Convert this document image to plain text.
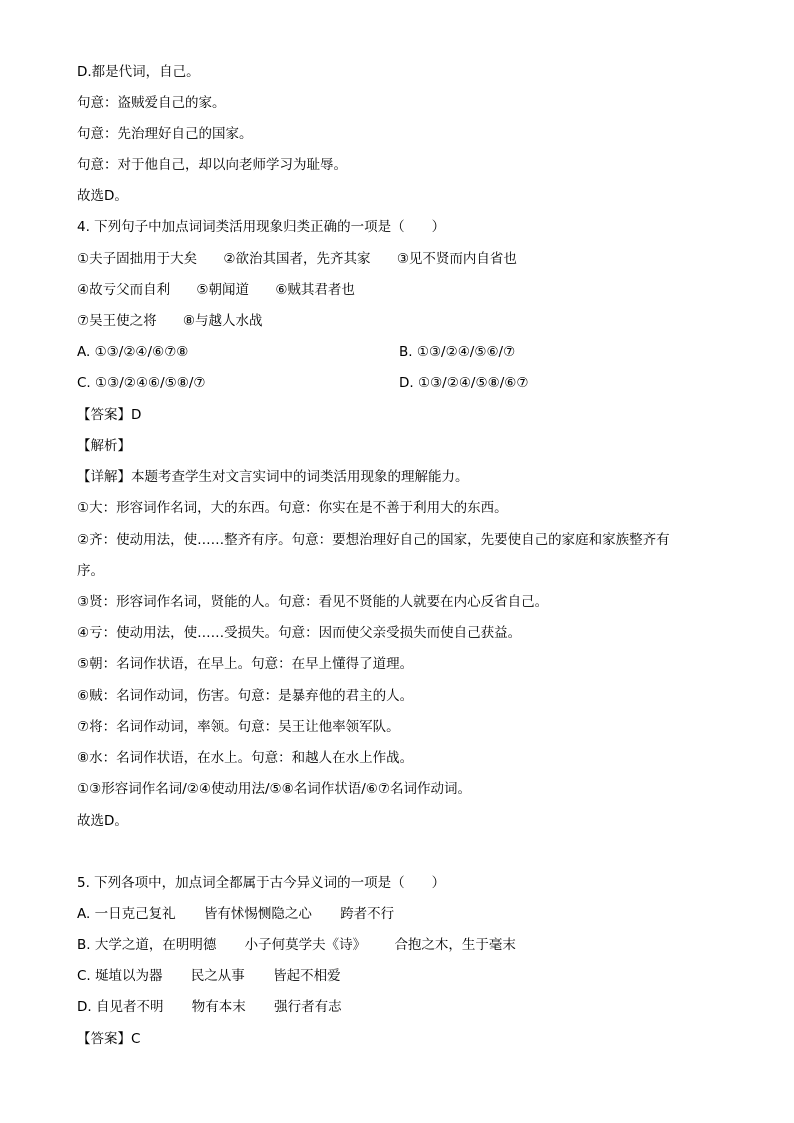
D.都是代词，自己。
句意：盗贼爱自己的家。
句意：先治理好自己的国家。
句意：对于他自己，却以向老师学习为耻辱。
故选D。
4. 下列句子中加点词词类活用现象归类正确的一项是（　　）
①夫子固拙用于大矣 ②欲治其国者，先齐其家 ③见不贤而内自省也
④故亏父而自利 ⑤朝闻道 ⑥贼其君者也
⑦吴王使之将 ⑧与越人水战
A. ①③/②④/⑥⑦⑧	B. ①③/②④/⑤⑥/⑦
C. ①③/②④⑥/⑤⑧/⑦	D. ①③/②④/⑤⑧/⑥⑦
【答案】D
【解析】
【详解】本题考查学生对文言实词中的词类活用现象的理解能力。
①大：形容词作名词，大的东西。句意：你实在是不善于利用大的东西。
②齐：使动用法，使……整齐有序。句意：要想治理好自己的国家，先要使自己的家庭和家族整齐有
序。
③贤：形容词作名词，贤能的人。句意：看见不贤能的人就要在内心反省自己。
④亏：使动用法，使……受损失。句意：因而使父亲受损失而使自己获益。
⑤朝：名词作状语，在早上。句意：在早上懂得了道理。
⑥贼：名词作动词，伤害。句意：是暴弃他的君主的人。
⑦将：名词作动词，率领。句意：吴王让他率领军队。
⑧水：名词作状语，在水上。句意：和越人在水上作战。
①③形容词作名词/②④使动用法/⑤⑧名词作状语/⑥⑦名词作动词。
故选D。
5. 下列各项中，加点词全都属于古今异义词的一项是（　　）
A. 一日克己复礼 皆有怵惕恻隐之心 跨者不行
B. 大学之道，在明明德 小子何莫学夫《诗》 合抱之木，生于毫末
C. 埏埴以为器 民之从事 皆起不相爱
D. 自见者不明 物有本末 强行者有志
【答案】C
